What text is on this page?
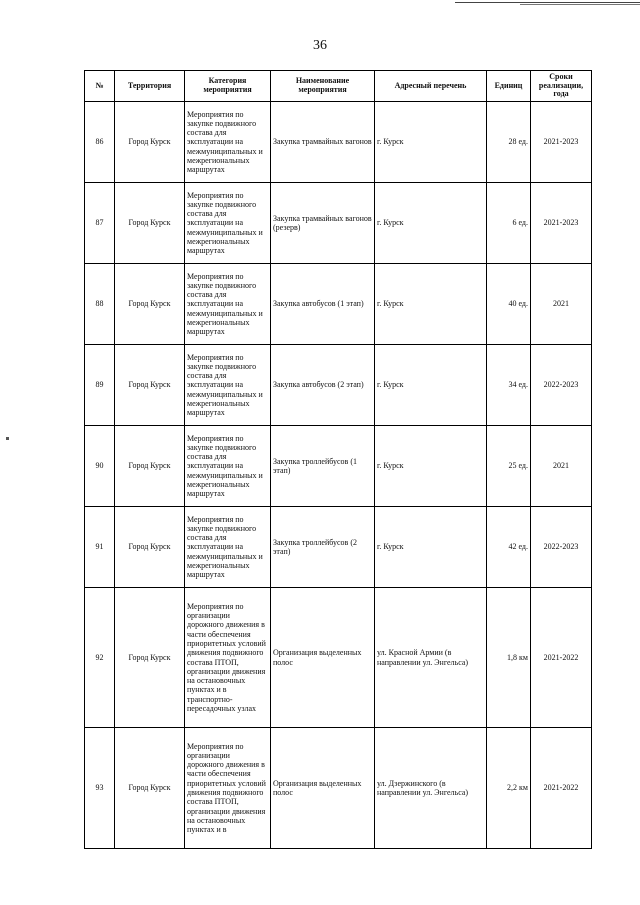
36
№	Территория	Категория мероприятия	Наименование мероприятия	Адресный перечень	Единиц	Сроки реализации, года
86	Город Курск	Мероприятия по закупке подвижного состава для эксплуатации на межмуниципальных и межрегиональных маршрутах	Закупка трамвайных вагонов	г. Курск	28 ед.	2021-2023
87	Город Курск	Мероприятия по закупке подвижного состава для эксплуатации на межмуниципальных и межрегиональных маршрутах	Закупка трамвайных вагонов (резерв)	г. Курск	6 ед.	2021-2023
88	Город Курск	Мероприятия по закупке подвижного состава для эксплуатации на межмуниципальных и межрегиональных маршрутах	Закупка автобусов (1 этап)	г. Курск	40 ед.	2021
89	Город Курск	Мероприятия по закупке подвижного состава для эксплуатации на межмуниципальных и межрегиональных маршрутах	Закупка автобусов (2 этап)	г. Курск	34 ед.	2022-2023
90	Город Курск	Мероприятия по закупке подвижного состава для эксплуатации на межмуниципальных и межрегиональных маршрутах	Закупка троллейбусов (1 этап)	г. Курск	25 ед.	2021
91	Город Курск	Мероприятия по закупке подвижного состава для эксплуатации на межмуниципальных и межрегиональных маршрутах	Закупка троллейбусов (2 этап)	г. Курск	42 ед.	2022-2023
92	Город Курск	Мероприятия по организации дорожного движения в части обеспечения приоритетных условий движения подвижного состава ПТОП, организации движения на остановочных пунктах и в транспортно-пересадочных узлах	Организация выделенных полос	ул. Красной Армии (в направлении ул. Энгельса)	1,8 км	2021-2022
93	Город Курск	Мероприятия по организации дорожного движения в части обеспечения приоритетных условий движения подвижного состава ПТОП, организации движения на остановочных пунктах и в	Организация выделенных полос	ул. Дзержинского (в направлении ул. Энгельса)	2,2 км	2021-2022
